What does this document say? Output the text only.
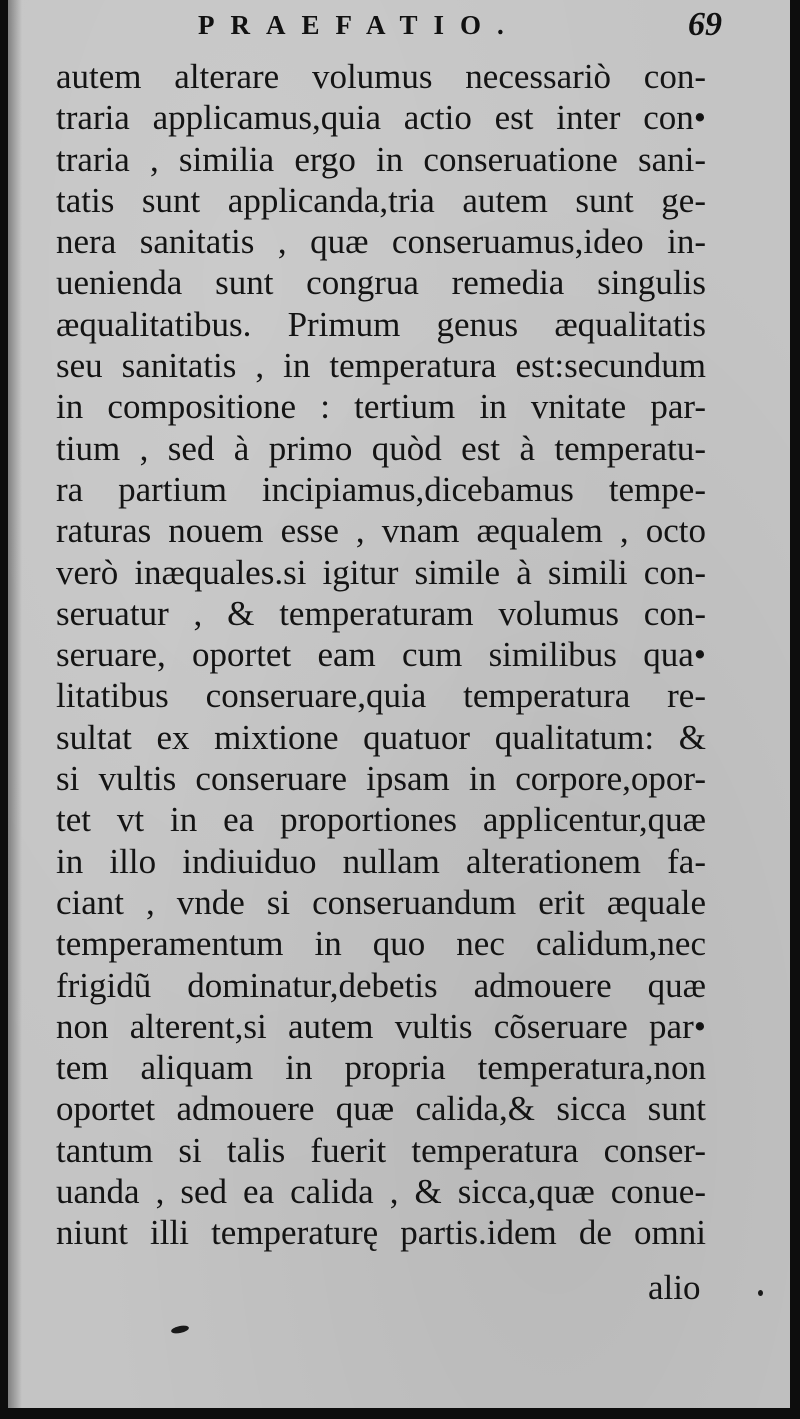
PRAEFATIO.	69
autem alterare volumus necessariò con-
traria applicamus,quia actio est inter con•
traria , similia ergo in conseruatione sani-
tatis sunt applicanda,tria autem sunt ge-
nera sanitatis , quæ conseruamus,ideo in-
uenienda sunt congrua remedia singulis
æqualitatibus. Primum genus æqualitatis
seu sanitatis , in temperatura est:secundum
in compositione : tertium in vnitate par-
tium , sed à primo quòd est à temperatu-
ra partium incipiamus,dicebamus tempe-
raturas nouem esse , vnam æqualem , octo
verò inæquales.si igitur simile à simili con-
seruatur , & temperaturam volumus con-
seruare, oportet eam cum similibus qua•
litatibus conseruare,quia temperatura re-
sultat ex mixtione quatuor qualitatum: &
si vultis conseruare ipsam in corpore,opor-
tet vt in ea proportiones applicentur,quæ
in illo indiuiduo nullam alterationem fa-
ciant , vnde si conseruandum erit æquale
temperamentum in quo nec calidum,nec
frigidũ dominatur,debetis admouere quæ
non alterent,si autem vultis cõseruare par•
tem aliquam in propria temperatura,non
oportet admouere quæ calida,& sicca sunt
tantum si talis fuerit temperatura conser-
uanda , sed ea calida , & sicca,quæ conue-
niunt illi temperaturę partis.idem de omni
alio
